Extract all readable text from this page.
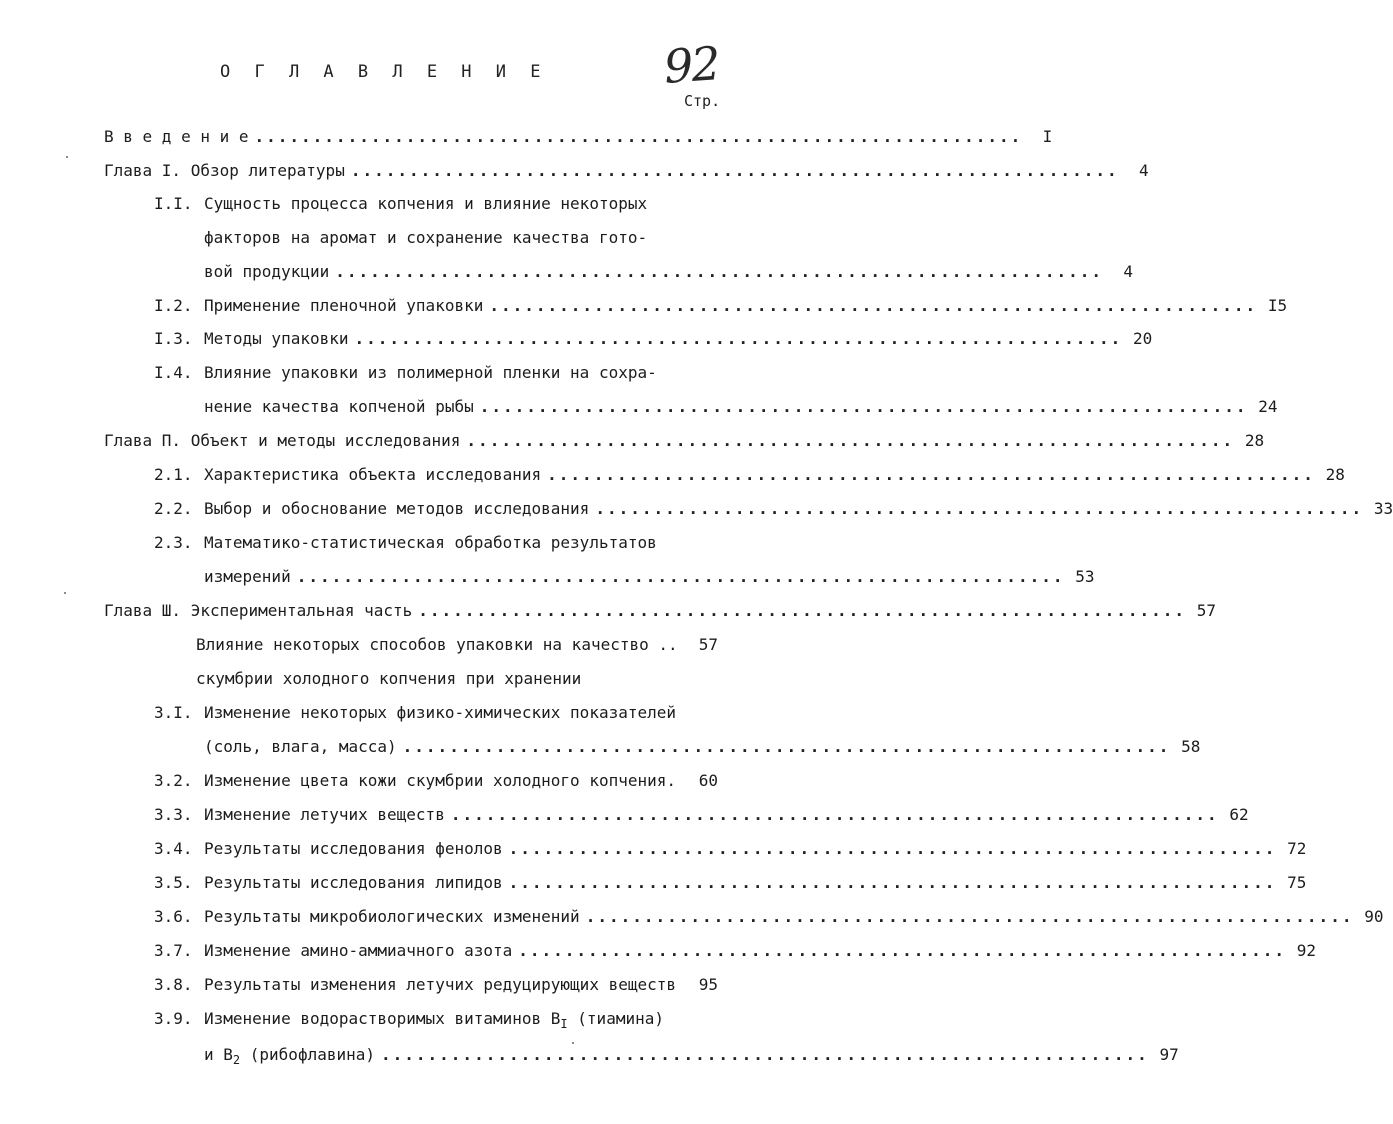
О Г Л А В Л Е Н И Е 92
Стр.
В в е д е н и е ..................................................................	I
Глава I. Обзор литературы ..................................................................	4
I.I. Сущность процесса копчения и влияние некоторых
факторов на аромат и сохранение качества гото-
вой продукции ..................................................................	4
I.2. Применение пленочной упаковки .................................................................. I5
I.3. Методы упаковки .................................................................. 20
I.4. Влияние упаковки из полимерной пленки на сохра-
нение качества копченой рыбы .................................................................. 24
Глава П. Объект и методы исследования .................................................................. 28
2.1. Характеристика объекта исследования .................................................................. 28
2.2. Выбор и обоснование методов исследования .................................................................. 33
2.3. Математико-статистическая обработка результатов
измерений .................................................................. 53
Глава Ш. Экспериментальная часть .................................................................. 57
Влияние некоторых способов упаковки на качество .. 57
скумбрии холодного копчения при хранении
3.I. Изменение некоторых физико-химических показателей
(соль, влага, масса) .................................................................. 58
3.2. Изменение цвета кожи скумбрии холодного копчения. 60
3.3. Изменение летучих веществ .................................................................. 62
3.4. Результаты исследования фенолов .................................................................. 72
3.5. Результаты исследования липидов .................................................................. 75
3.6. Результаты микробиологических изменений .................................................................. 90
3.7. Изменение амино-аммиачного азота .................................................................. 92
3.8. Результаты изменения летучих редуцирующих веществ 95
3.9. Изменение водорастворимых витаминов $В_I$ (тиамина)
и $В_2$ (рибофлавина) .................................................................. 97
